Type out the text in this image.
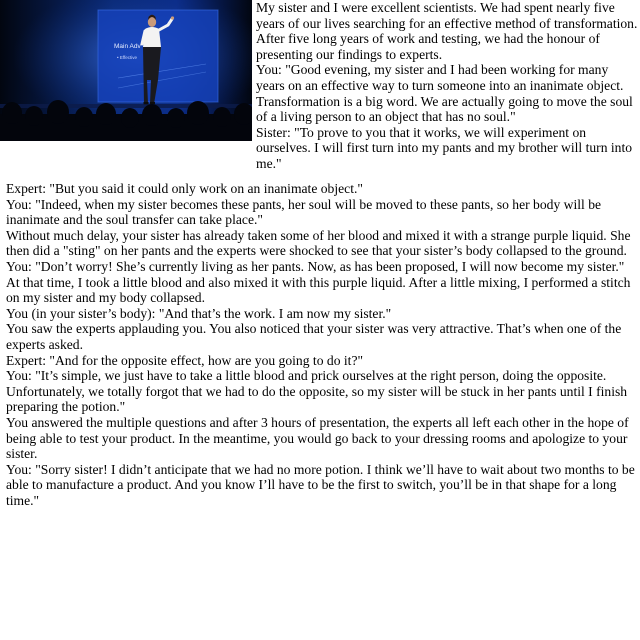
Main Adv
• Effective

My sister and I were excellent scientists. We had spent nearly five years of our lives searching for an effective method of transformation. After five long years of work and testing, we had the honour of presenting our findings to experts.

You: "Good evening, my sister and I had been working for many years on an effective way to turn someone into an inanimate object. Transformation is a big word. We are actually going to move the soul of a living person to an object that has no soul."

Sister: "To prove to you that it works, we will experiment on ourselves. I will first turn into my pants and my brother will turn into me."

Expert: "But you said it could only work on an inanimate object."

You: "Indeed, when my sister becomes these pants, her soul will be moved to these pants, so her body will be inanimate and the soul transfer can take place."

Without much delay, your sister has already taken some of her blood and mixed it with a strange purple liquid. She then did a "sting" on her pants and the experts were shocked to see that your sister’s body collapsed to the ground.

You: "Don’t worry! She’s currently living as her pants. Now, as has been proposed, I will now become my sister."

At that time, I took a little blood and also mixed it with this purple liquid. After a little mixing, I performed a stitch on my sister and my body collapsed.

You (in your sister’s body): "And that’s the work. I am now my sister."

You saw the experts applauding you. You also noticed that your sister was very attractive. That’s when one of the experts asked.

Expert: "And for the opposite effect, how are you going to do it?"

You: "It’s simple, we just have to take a little blood and prick ourselves at the right person, doing the opposite. Unfortunately, we totally forgot that we had to do the opposite, so my sister will be stuck in her pants until I finish preparing the potion."

You answered the multiple questions and after 3 hours of presentation, the experts all left each other in the hope of being able to test your product. In the meantime, you would go back to your dressing rooms and apologize to your sister.

You: "Sorry sister! I didn’t anticipate that we had no more potion. I think we’ll have to wait about two months to be able to manufacture a product. And you know I’ll have to be the first to switch, you’ll be in that shape for a long time."
